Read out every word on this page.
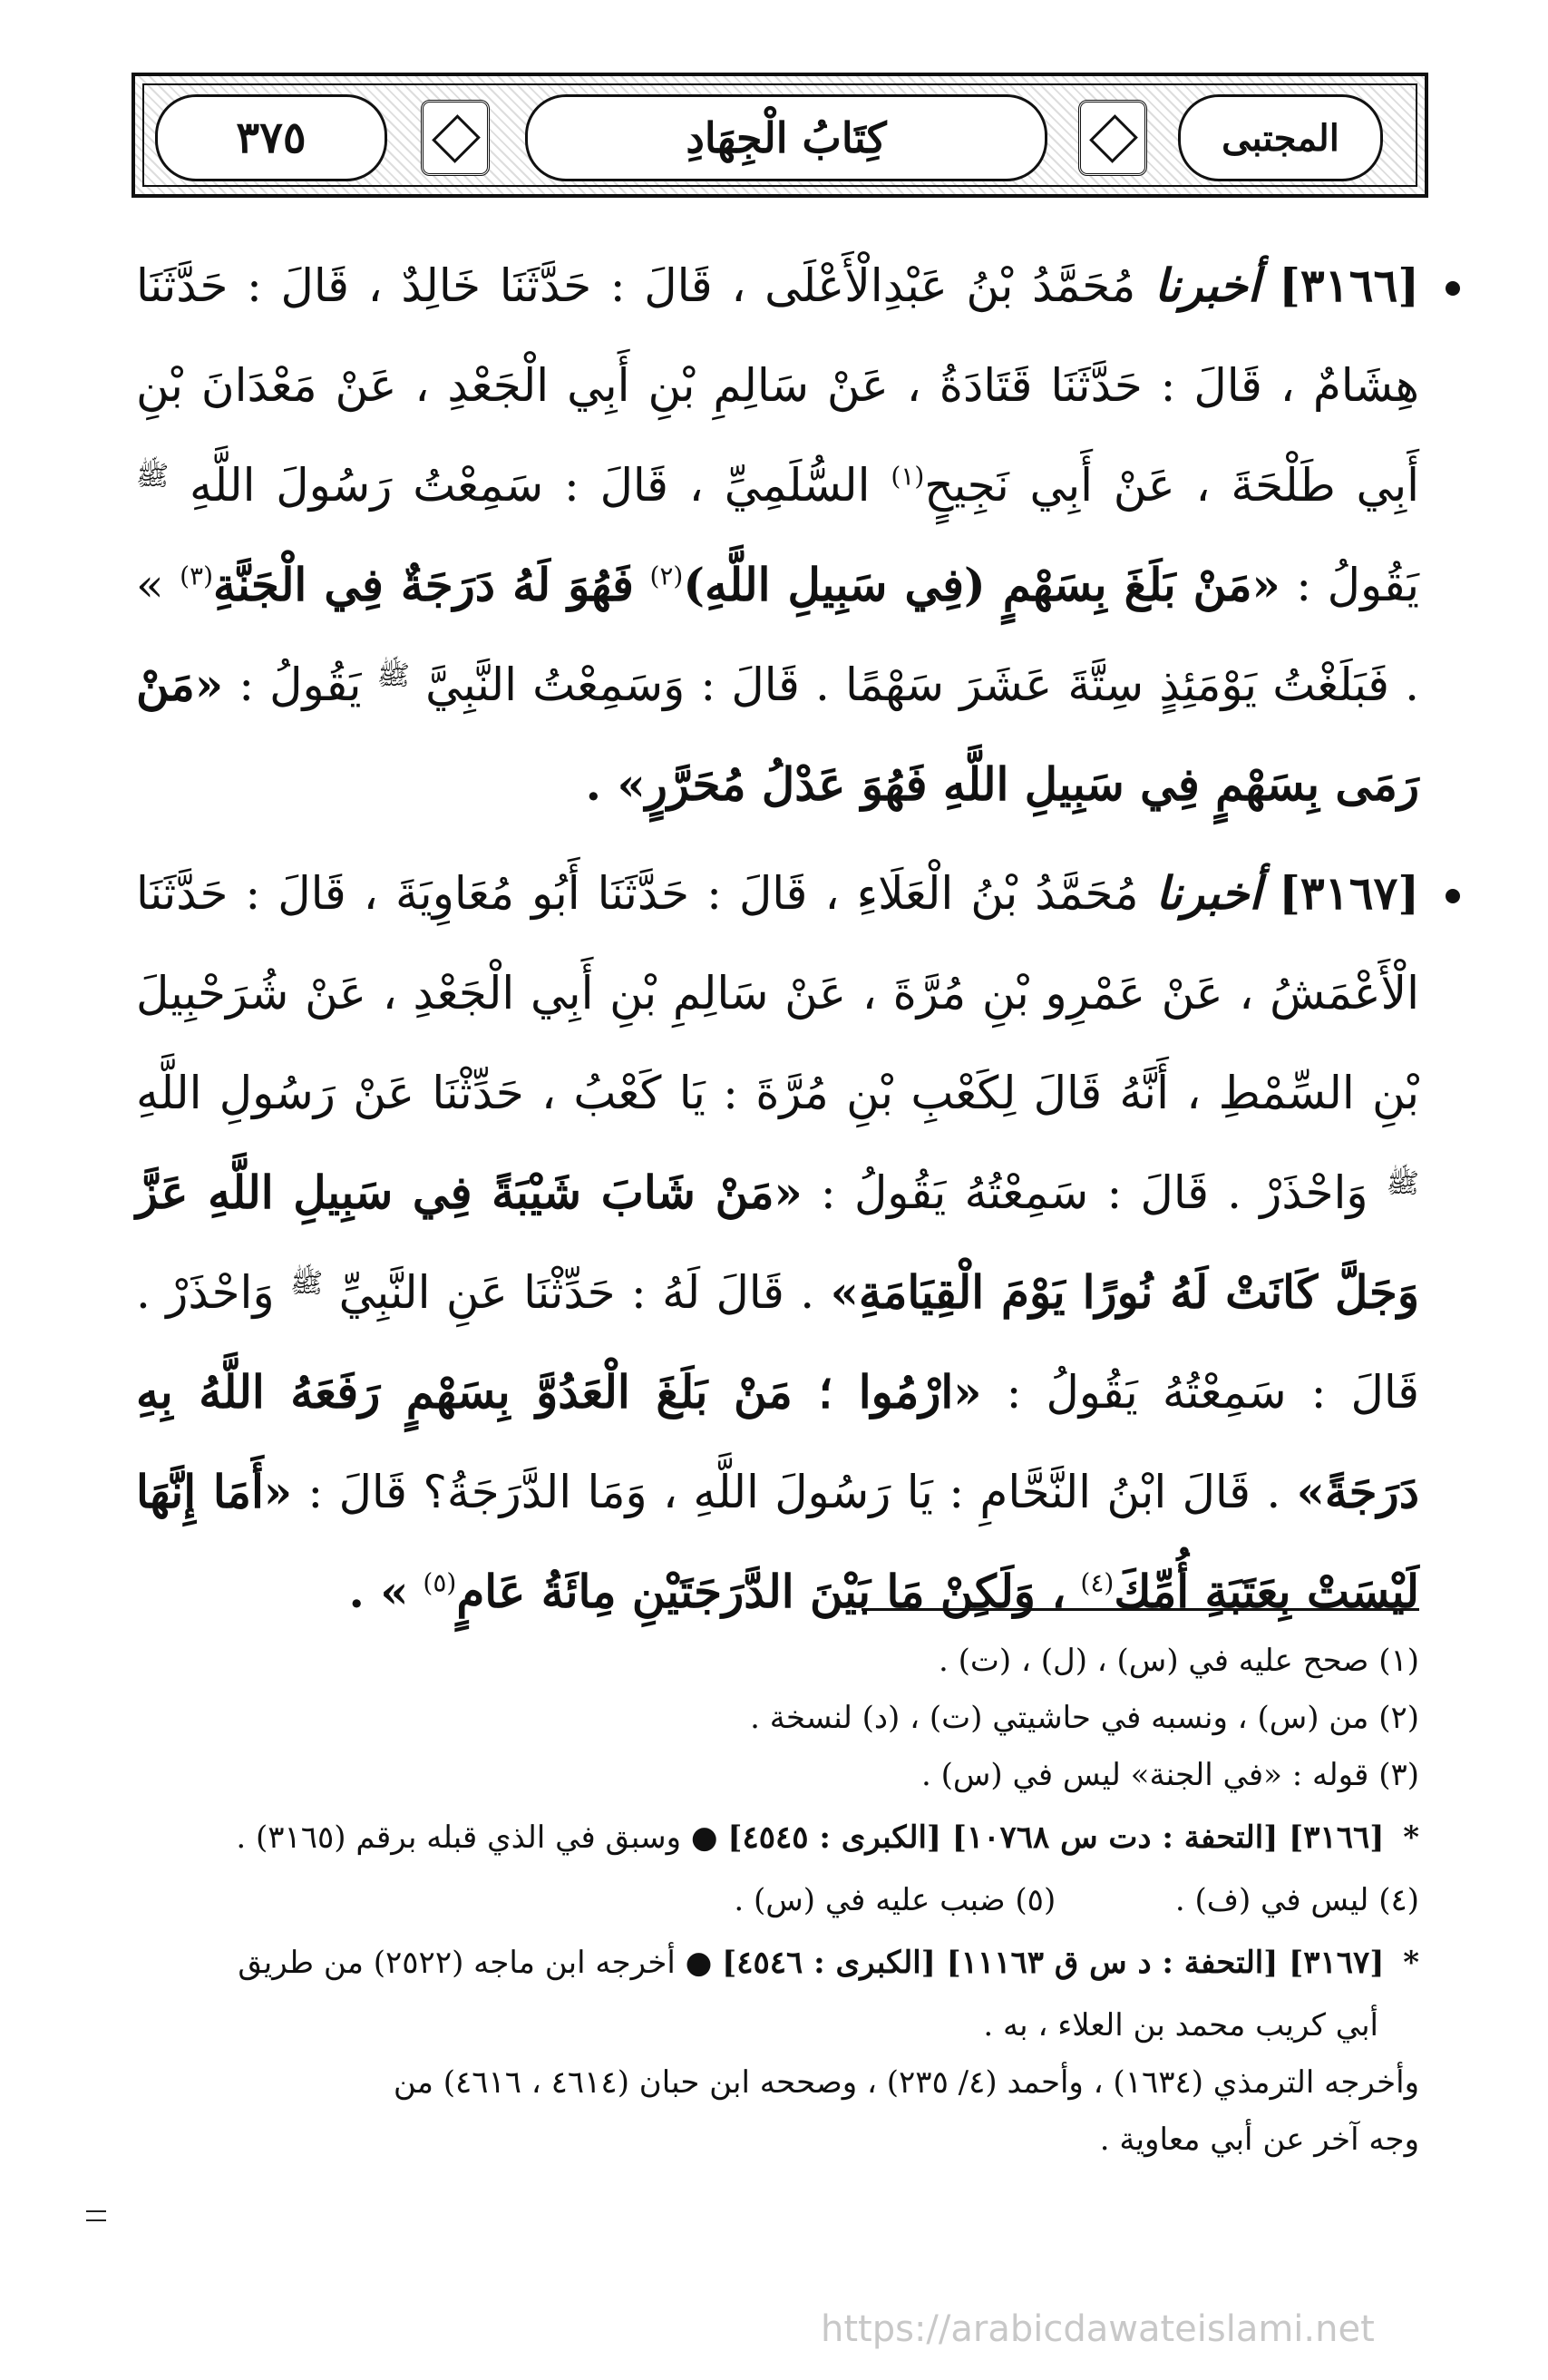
٣٧٥	كِتَابُ الْجِهَادِ	المجتبى

[٣١٦٦] أخبرنا مُحَمَّدُ بْنُ عَبْدِالْأَعْلَى ، قَالَ : حَدَّثَنَا خَالِدٌ ، قَالَ : حَدَّثَنَا هِشَامٌ ، قَالَ : حَدَّثَنَا قَتَادَةُ ، عَنْ سَالِمِ بْنِ أَبِي الْجَعْدِ ، عَنْ مَعْدَانَ بْنِ أَبِي طَلْحَةَ ، عَنْ أَبِي نَجِيحٍ$^{(١)}$ السُّلَمِيِّ ، قَالَ : سَمِعْتُ رَسُولَ اللَّهِ $^ﷺ$ يَقُولُ : «مَنْ بَلَغَ بِسَهْمٍ (فِي سَبِيلِ اللَّهِ)$^{(٢)}$ فَهُوَ لَهُ دَرَجَةٌ فِي الْجَنَّةِ$^{(٣)}$ » . فَبَلَغْتُ يَوْمَئِذٍ سِتَّةَ عَشَرَ سَهْمًا . قَالَ : وَسَمِعْتُ النَّبِيَّ $^ﷺ$ يَقُولُ : «مَنْ رَمَى بِسَهْمٍ فِي سَبِيلِ اللَّهِ فَهُوَ عَدْلُ مُحَرَّرٍ» .

[٣١٦٧] أخبرنا مُحَمَّدُ بْنُ الْعَلَاءِ ، قَالَ : حَدَّثَنَا أَبُو مُعَاوِيَةَ ، قَالَ : حَدَّثَنَا الْأَعْمَشُ ، عَنْ عَمْرِو بْنِ مُرَّةَ ، عَنْ سَالِمِ بْنِ أَبِي الْجَعْدِ ، عَنْ شُرَحْبِيلَ بْنِ السِّمْطِ ، أَنَّهُ قَالَ لِكَعْبِ بْنِ مُرَّةَ : يَا كَعْبُ ، حَدِّثْنَا عَنْ رَسُولِ اللَّهِ $^ﷺ$ وَاحْذَرْ . قَالَ : سَمِعْتُهُ يَقُولُ : «مَنْ شَابَ شَيْبَةً فِي سَبِيلِ اللَّهِ عَزَّ وَجَلَّ كَانَتْ لَهُ نُورًا يَوْمَ الْقِيَامَةِ» . قَالَ لَهُ : حَدِّثْنَا عَنِ النَّبِيِّ $^ﷺ$ وَاحْذَرْ . قَالَ : سَمِعْتُهُ يَقُولُ : «ارْمُوا ؛ مَنْ بَلَغَ الْعَدُوَّ بِسَهْمٍ رَفَعَهُ اللَّهُ بِهِ دَرَجَةً» . قَالَ ابْنُ النَّحَّامِ : يَا رَسُولَ اللَّهِ ، وَمَا الدَّرَجَةُ؟ قَالَ : «أَمَا إِنَّهَا لَيْسَتْ بِعَتَبَةِ أُمِّكَ$^{(٤)}$ ، وَلَكِنْ مَا بَيْنَ الدَّرَجَتَيْنِ مِائَةُ عَامٍ$^{(٥)}$ » .

(١) صحح عليه في (س) ، (ل) ، (ت) .
(٢) من (س) ، ونسبه في حاشيتي (ت) ، (د) لنسخة .
(٣) قوله : «في الجنة» ليس في (س) .
* [٣١٦٦] [التحفة : دت س ١٠٧٦٨] [الكبرى : ٤٥٤٥] ● وسبق في الذي قبله برقم (٣١٦٥) .
(٤) ليس في (ف) .  (٥) ضبب عليه في (س) .
* [٣١٦٧] [التحفة : د س ق ١١١٦٣] [الكبرى : ٤٥٤٦] ● أخرجه ابن ماجه (٢٥٢٢) من طريق
أبي كريب محمد بن العلاء ، به .
وأخرجه الترمذي (١٦٣٤) ، وأحمد (٤/ ٢٣٥) ، وصححه ابن حبان (٤٦١٤ ، ٤٦١٦) من
وجه آخر عن أبي معاوية .
https://arabicdawateislami.net
